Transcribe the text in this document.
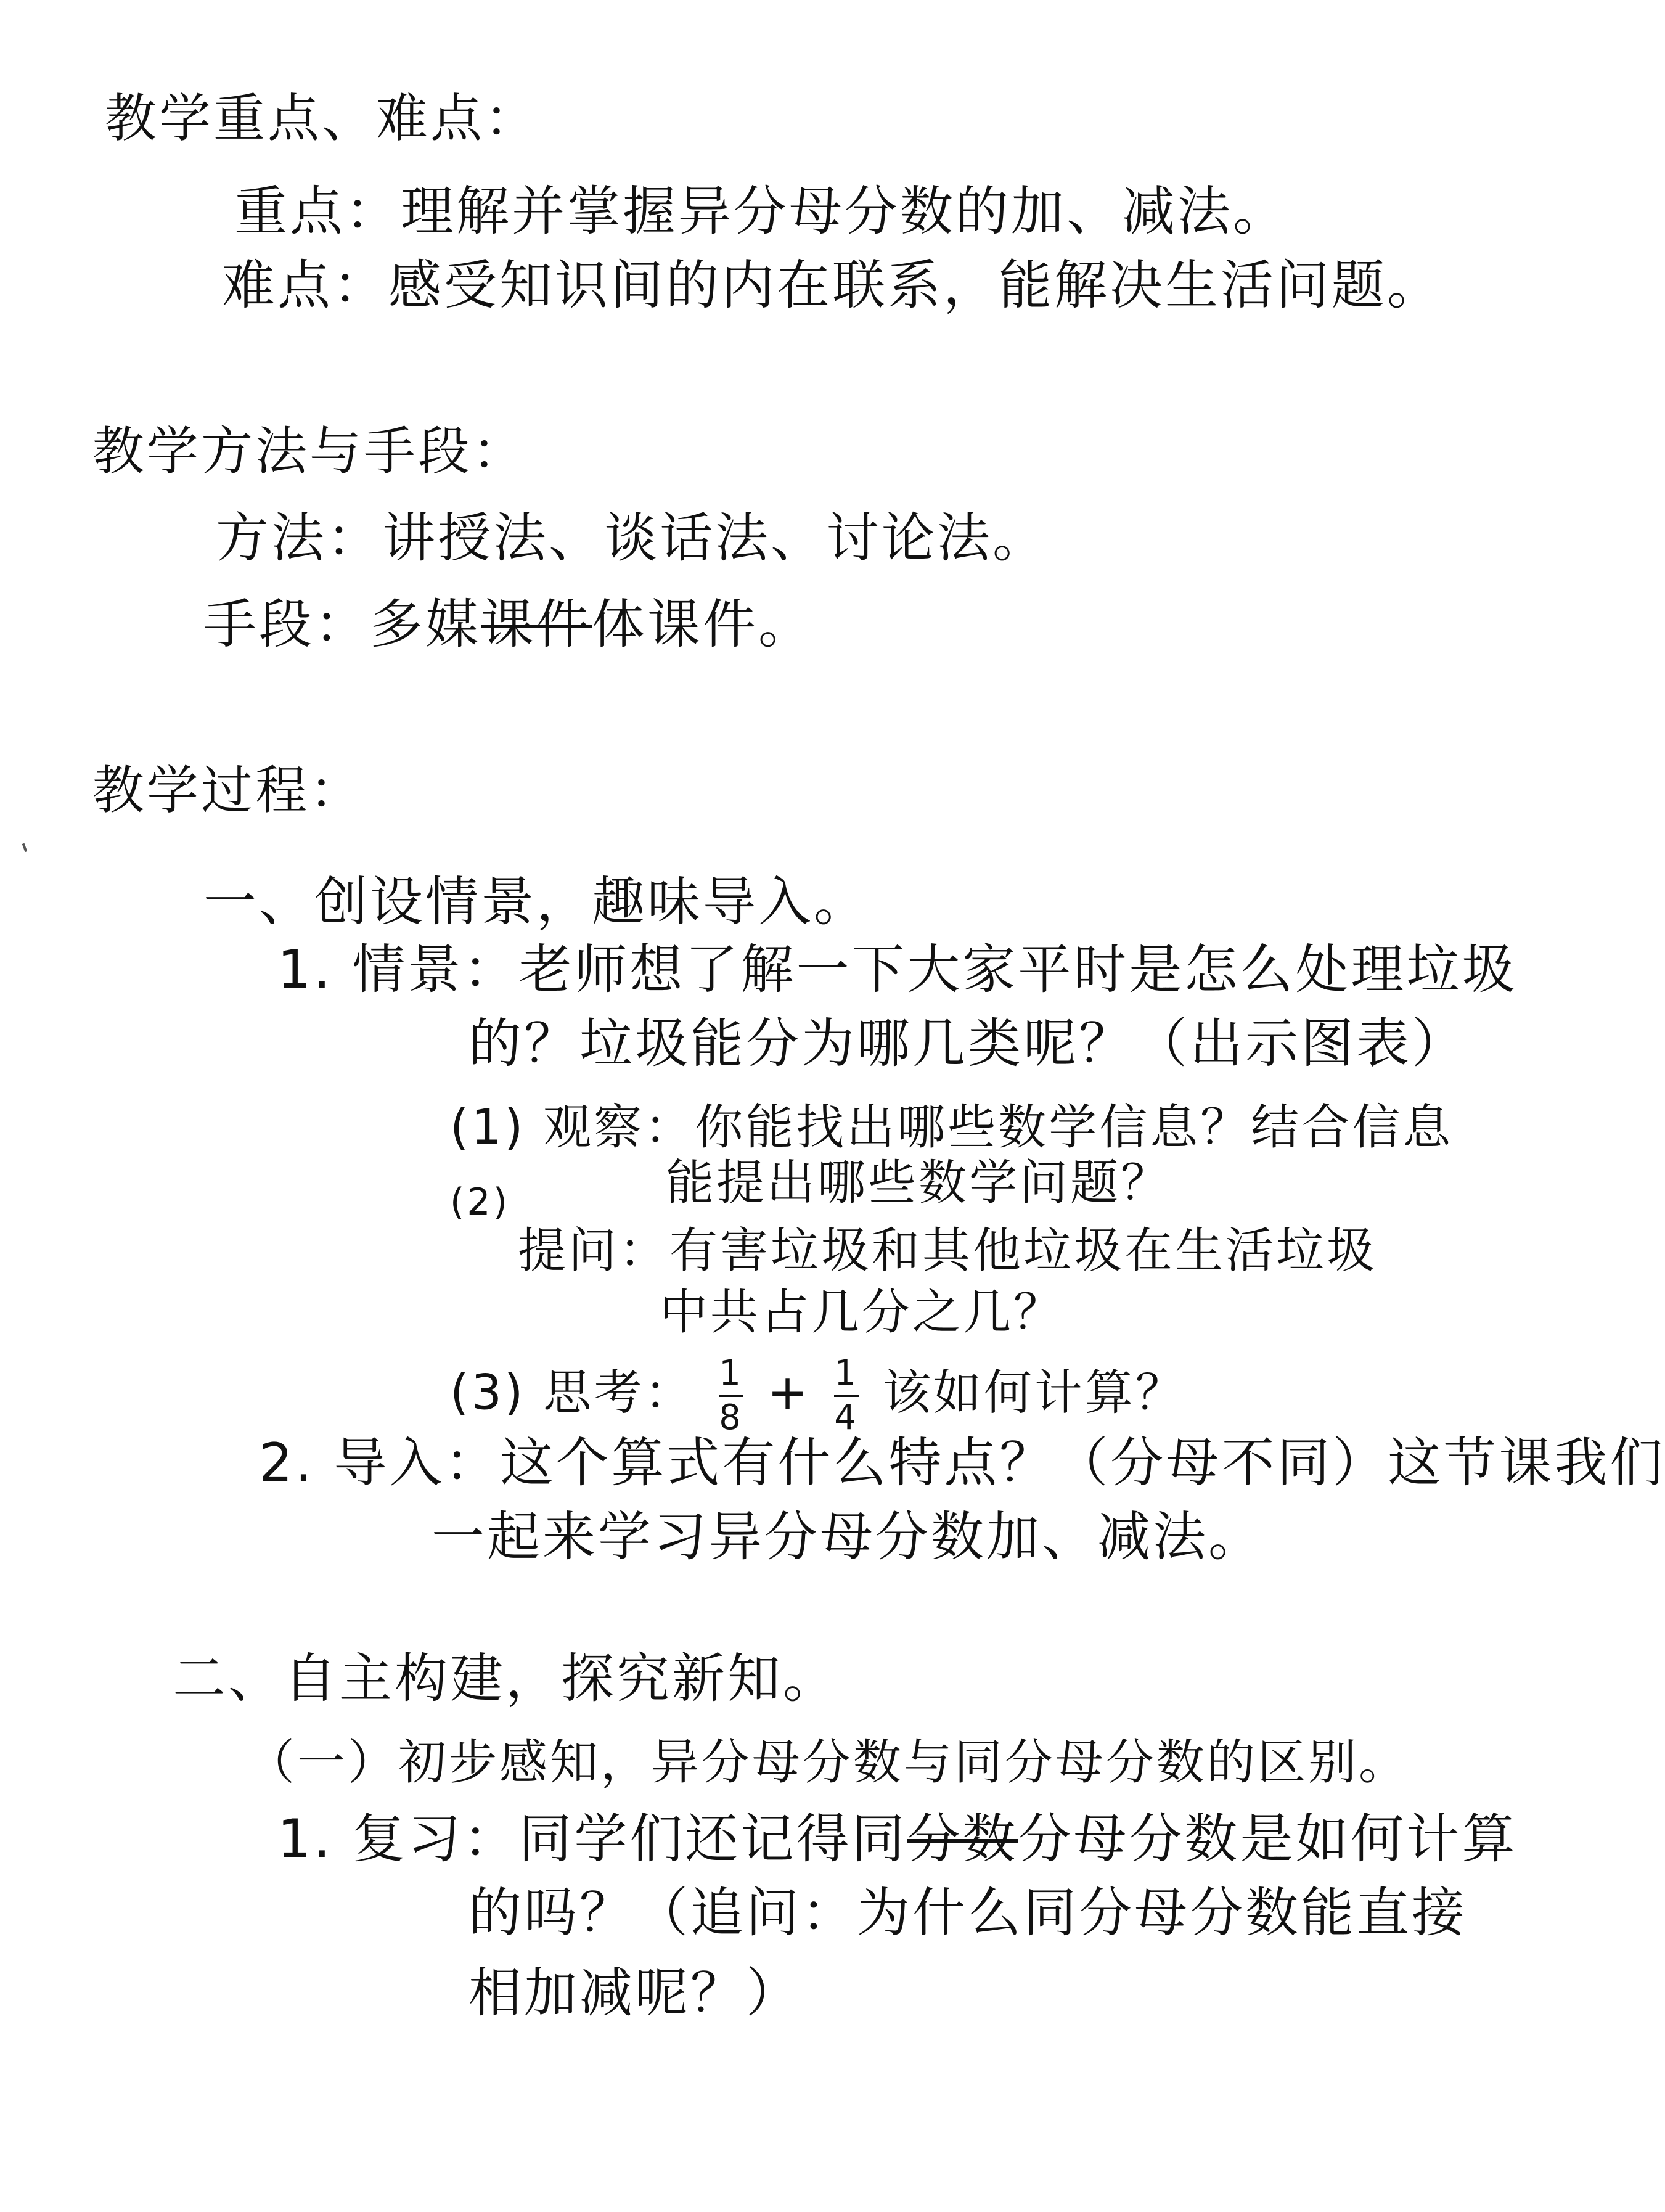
教学重点、难点：
重点：理解并掌握异分母分数的加、减法。
难点：感受知识间的内在联系，能解决生活问题。
教学方法与手段：
方法：讲授法、谈话法、讨论法。
手段：多媒课件体课件。
教学过程：
一、创设情景，趣味导入。
1. 情景：老师想了解一下大家平时是怎么处理垃圾
的？垃圾能分为哪几类呢？（出示图表）
(1) 观察：你能找出哪些数学信息？结合信息
能提出哪些数学问题？
(2)
提问：有害垃圾和其他垃圾在生活垃圾
中共占几分之几？
(3) 思考： $\frac{1}{8} + \frac{1}{4}$ 该如何计算？
2. 导入：这个算式有什么特点？（分母不同）这节课我们
一起来学习异分母分数加、减法。
二、自主构建，探究新知。
（一）初步感知，异分母分数与同分母分数的区别。
1. 复习：同学们还记得同分数分母分数是如何计算
的吗？（追问：为什么同分母分数能直接
相加减呢？）
